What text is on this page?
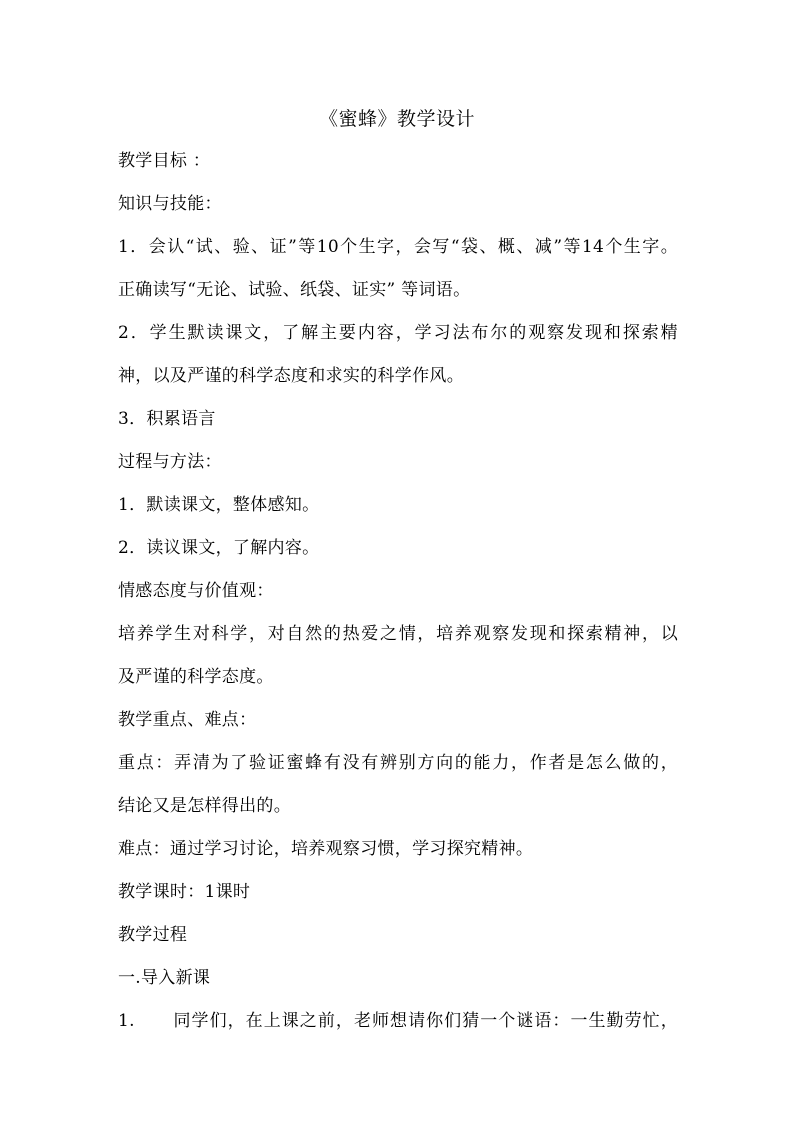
《蜜蜂》教学设计
教学目标 ：
知识与技能：
1．会认“试、验、证”等10个生字，会写“袋、概、减”等14个生字。
正确读写“无论、试验、纸袋、证实” 等词语。
2．学生默读课文，了解主要内容，学习法布尔的观察发现和探索精
神，以及严谨的科学态度和求实的科学作风。
3．积累语言
过程与方法：
1．默读课文，整体感知。
2．读议课文，了解内容。
情感态度与价值观：
培养学生对科学，对自然的热爱之情，培养观察发现和探索精神，以
及严谨的科学态度。
教学重点、难点：
重点：弄清为了验证蜜蜂有没有辨别方向的能力，作者是怎么做的，
结论又是怎样得出的。
难点：通过学习讨论，培养观察习惯，学习探究精神。
教学课时：1课时
教学过程
一.导入新课
1.      同学们，在上课之前，老师想请你们猜一个谜语：一生勤劳忙，
